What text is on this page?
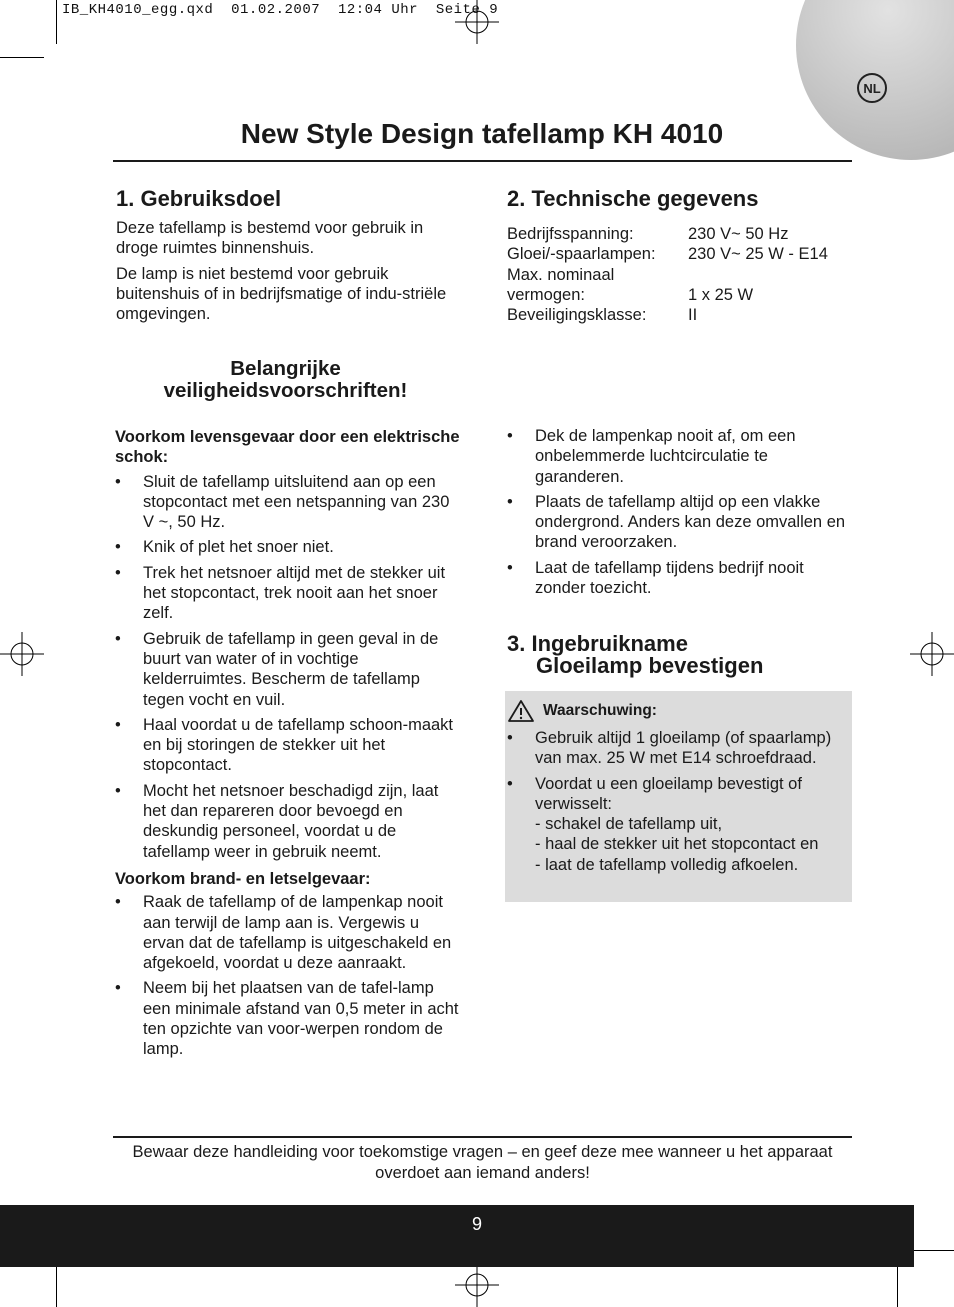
IB_KH4010_egg.qxd  01.02.2007  12:04 Uhr  Seite 9
NL
New Style Design tafellamp KH 4010
1. Gebruiksdoel

Deze tafellamp is bestemd voor gebruik in droge ruimtes binnenshuis.

De lamp is niet bestemd voor gebruik buitenshuis of in bedrijfsmatige of indu-striële omgevingen.

2. Technische gegevens
Bedrijfsspanning:	230 V~ 50 Hz
Gloei/-spaarlampen:	230 V~ 25 W - E14
Max. nominaal
vermogen:	1 x 25 W
Beveiligingsklasse:	II
Belangrijke
veiligheidsvoorschriften!
Voorkom levensgevaar door een elektrische schok:
• Sluit de tafellamp uitsluitend aan op een stopcontact met een netspanning van 230 V ~, 50 Hz.
• Knik of plet het snoer niet.
• Trek het netsnoer altijd met de stekker uit het stopcontact, trek nooit aan het snoer zelf.
• Gebruik de tafellamp in geen geval in de buurt van water of in vochtige kelderruimtes. Bescherm de tafellamp tegen vocht en vuil.
• Haal voordat u de tafellamp schoon-maakt en bij storingen de stekker uit het stopcontact.
• Mocht het netsnoer beschadigd zijn, laat het dan repareren door bevoegd en deskundig personeel, voordat u de tafellamp weer in gebruik neemt.
Voorkom brand- en letselgevaar:
• Raak de tafellamp of de lampenkap nooit aan terwijl de lamp aan is. Vergewis u ervan dat de tafellamp is uitgeschakeld en afgekoeld, voordat u deze aanraakt.
• Neem bij het plaatsen van de tafel-lamp een minimale afstand van 0,5 meter in acht ten opzichte van voor-werpen rondom de lamp.
• Dek de lampenkap nooit af, om een onbelemmerde luchtcirculatie te garanderen.
• Plaats de tafellamp altijd op een vlakke ondergrond. Anders kan deze omvallen en brand veroorzaken.
• Laat de tafellamp tijdens bedrijf nooit zonder toezicht.
3. Ingebruikname
Gloeilamp bevestigen
Waarschuwing:
• Gebruik altijd 1 gloeilamp (of spaarlamp) van max. 25 W met E14 schroefdraad.
• Voordat u een gloeilamp bevestigt of verwisselt:
- schakel de tafellamp uit,
- haal de stekker uit het stopcontact en
- laat de tafellamp volledig afkoelen.
Bewaar deze handleiding voor toekomstige vragen – en geef deze mee wanneer u het apparaat overdoet aan iemand anders!
9
